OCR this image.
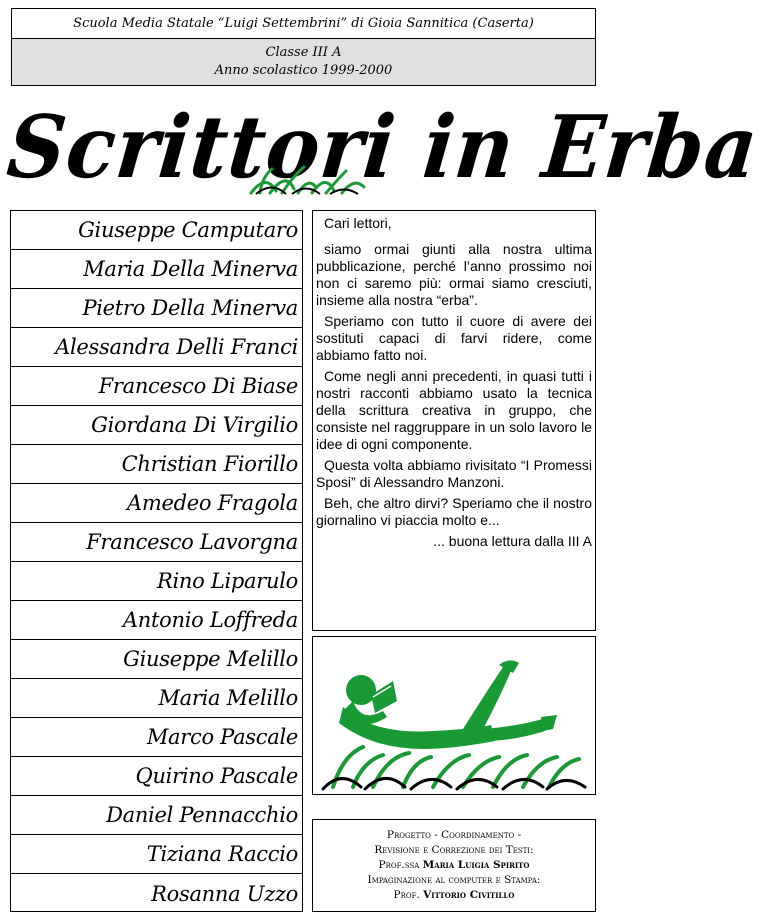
Scuola Media Statale “Luigi Settembrini” di Gioia Sannitica (Caserta)
Classe III A
Anno scolastico 1999-2000
Scrittori in Erba
Giuseppe Camputaro
Maria Della Minerva
Pietro Della Minerva
Alessandra Delli Franci
Francesco Di Biase
Giordana Di Virgilio
Christian Fiorillo
Amedeo Fragola
Francesco Lavorgna
Rino Liparulo
Antonio Loffreda
Giuseppe Melillo
Maria Melillo
Marco Pascale
Quirino Pascale
Daniel Pennacchio
Tiziana Raccio
Rosanna Uzzo

Cari lettori,

siamo ormai giunti alla nostra ultima pubblicazione, perché l’anno prossimo noi non ci saremo più: ormai siamo cresciuti, insieme alla nostra “erba”.

Speriamo con tutto il cuore di avere dei sostituti capaci di farvi ridere, come abbiamo fatto noi.

Come negli anni precedenti, in quasi tutti i nostri racconti abbiamo usato la tecnica della scrittura creativa in gruppo, che consiste nel raggruppare in un solo lavoro le idee di ogni componente.

Questa volta abbiamo rivisitato “I Promessi Sposi” di Alessandro Manzoni.

Beh, che altro dirvi? Speriamo che il nostro giornalino vi piaccia molto e...

... buona lettura dalla III A

Progetto - Coordinamento -
Revisione e Correzione dei Testi:
Prof.ssa Maria Luigia Spirito
Impaginazione al computer e Stampa:
Prof. Vittorio Civitillo
